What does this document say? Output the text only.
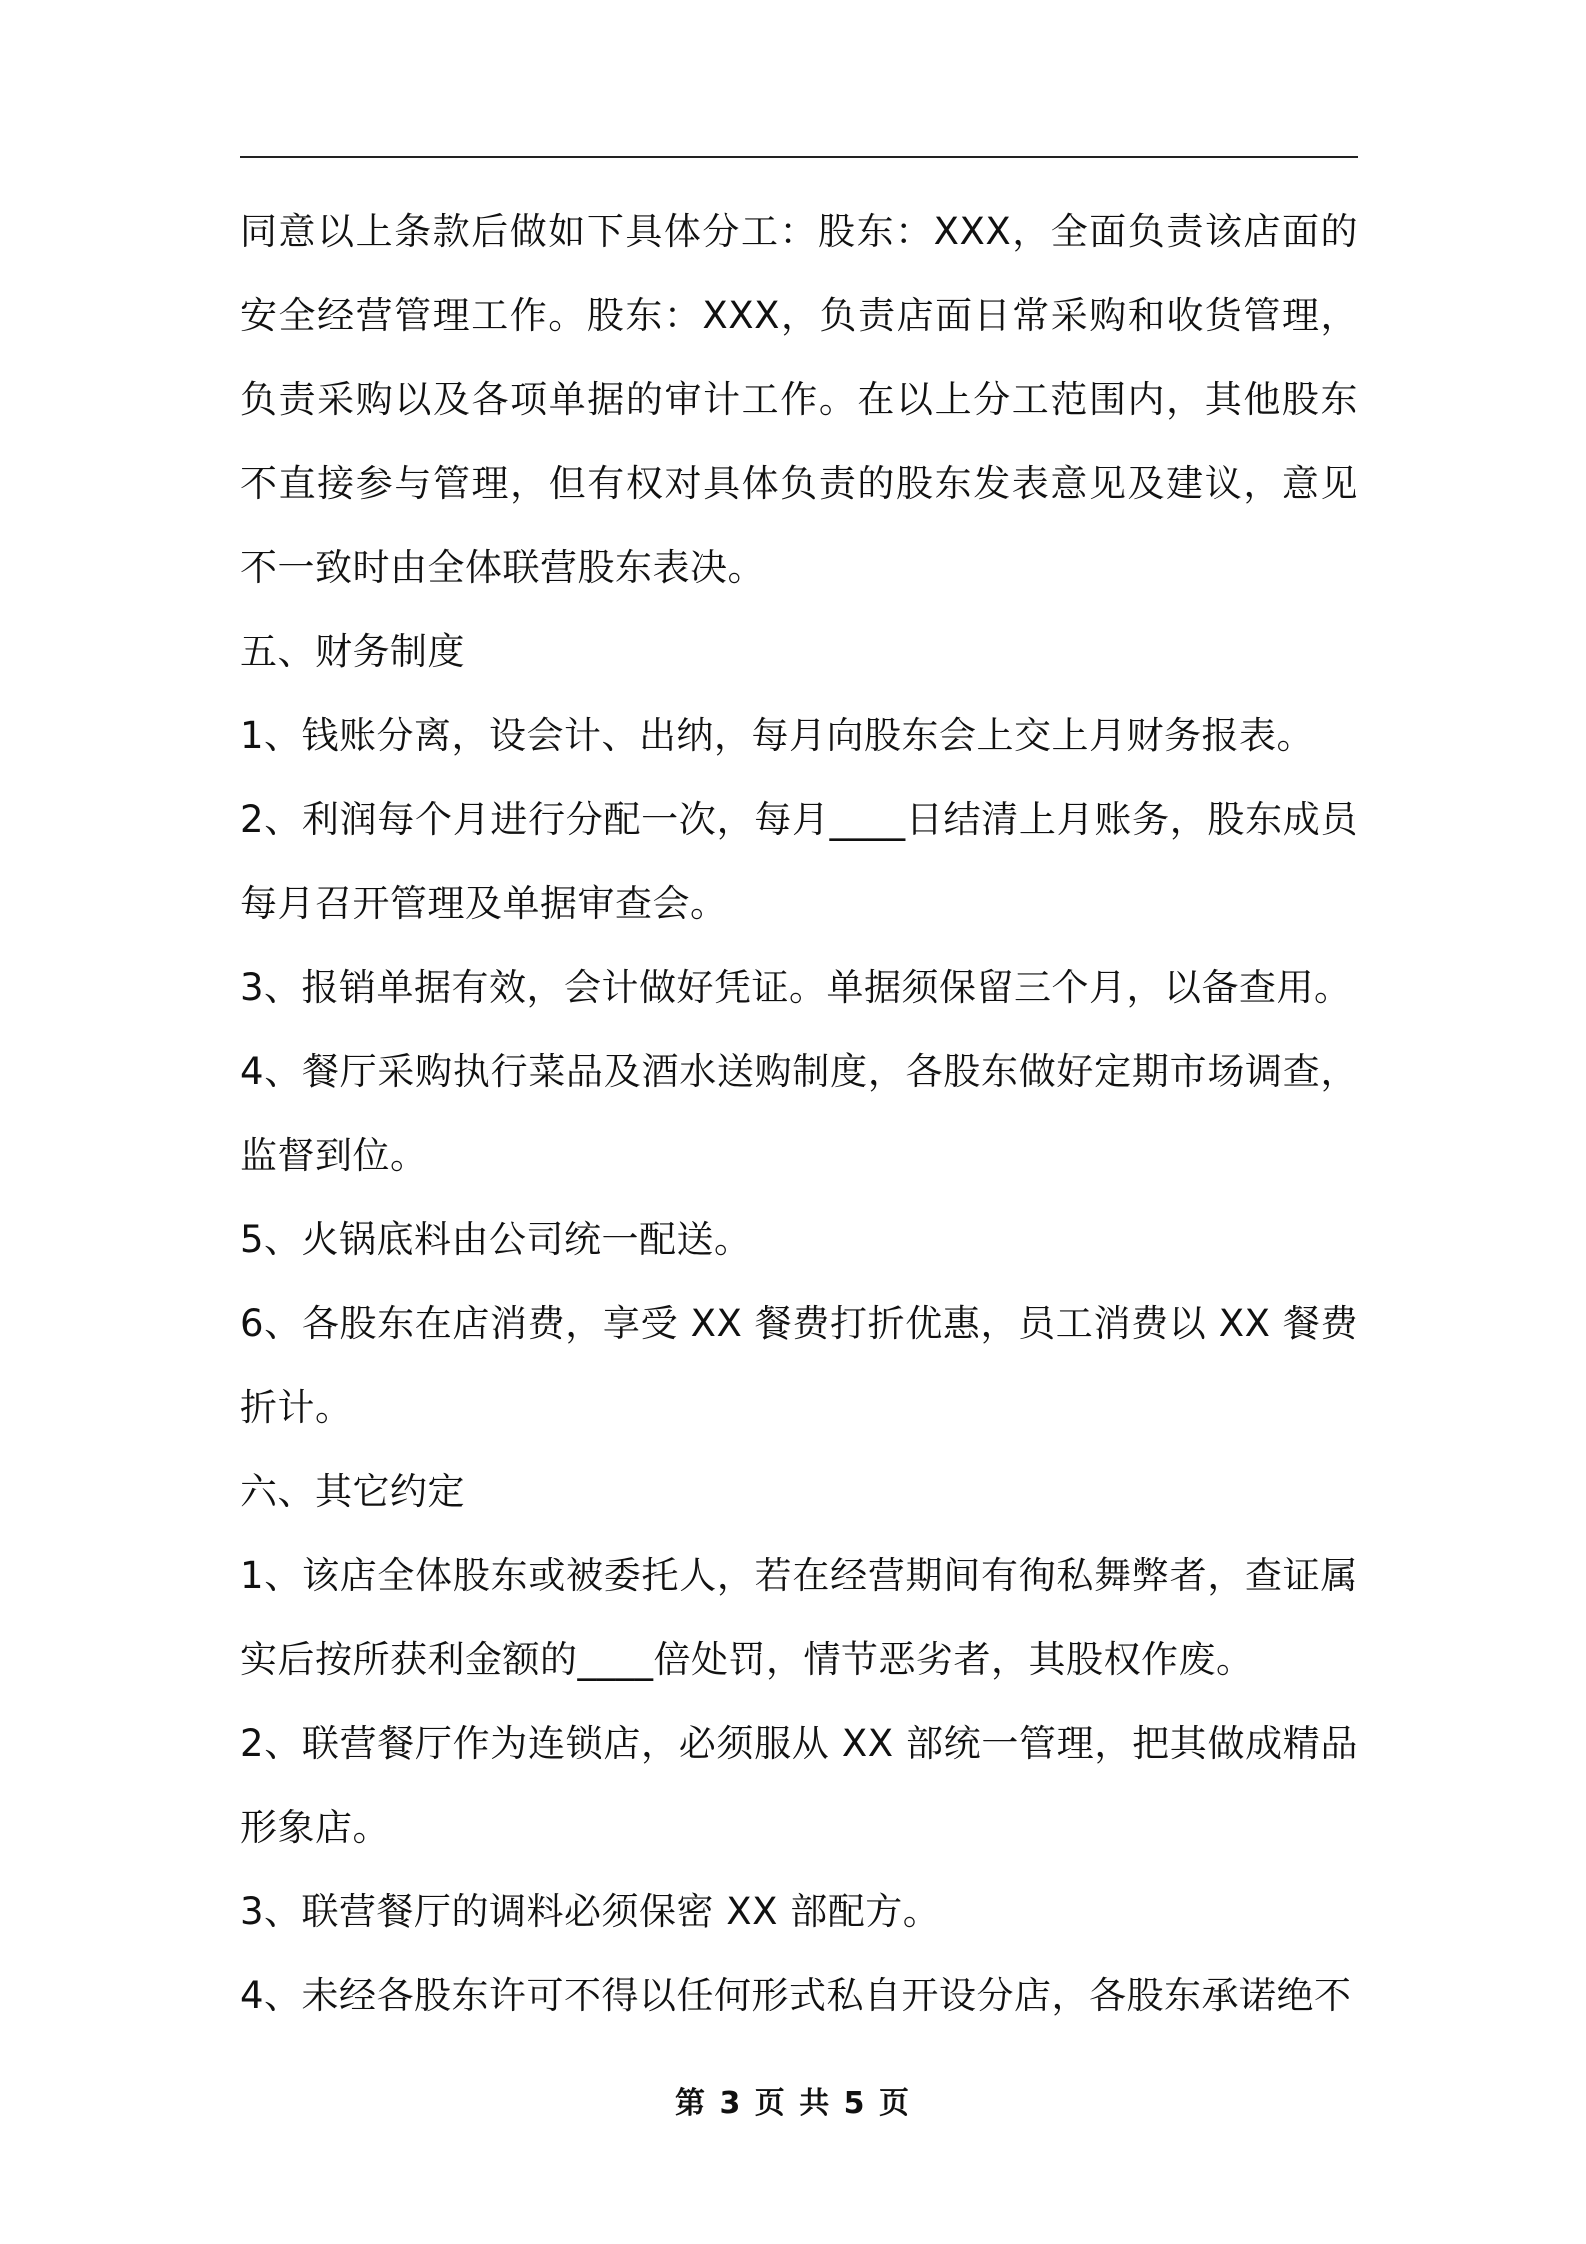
同意以上条款后做如下具体分工：股东：XXX，全面负责该店面的安全经营管理工作。股东：XXX，负责店面日常采购和收货管理，负责采购以及各项单据的审计工作。在以上分工范围内，其他股东不直接参与管理，但有权对具体负责的股东发表意见及建议，意见不一致时由全体联营股东表决。

五、财务制度

1、钱账分离，设会计、出纳，每月向股东会上交上月财务报表。

2、利润每个月进行分配一次，每月____日结清上月账务，股东成员每月召开管理及单据审查会。

3、报销单据有效，会计做好凭证。单据须保留三个月，以备查用。

4、餐厅采购执行菜品及酒水送购制度，各股东做好定期市场调查，监督到位。

5、火锅底料由公司统一配送。

6、各股东在店消费，享受 XX 餐费打折优惠，员工消费以 XX 餐费折计。

六、其它约定

1、该店全体股东或被委托人，若在经营期间有徇私舞弊者，查证属实后按所获利金额的____倍处罚，情节恶劣者，其股权作废。

2、联营餐厅作为连锁店，必须服从 XX 部统一管理，把其做成精品形象店。

3、联营餐厅的调料必须保密 XX 部配方。

4、未经各股东许可不得以任何形式私自开设分店，各股东承诺绝不

第 3 页 共 5 页
